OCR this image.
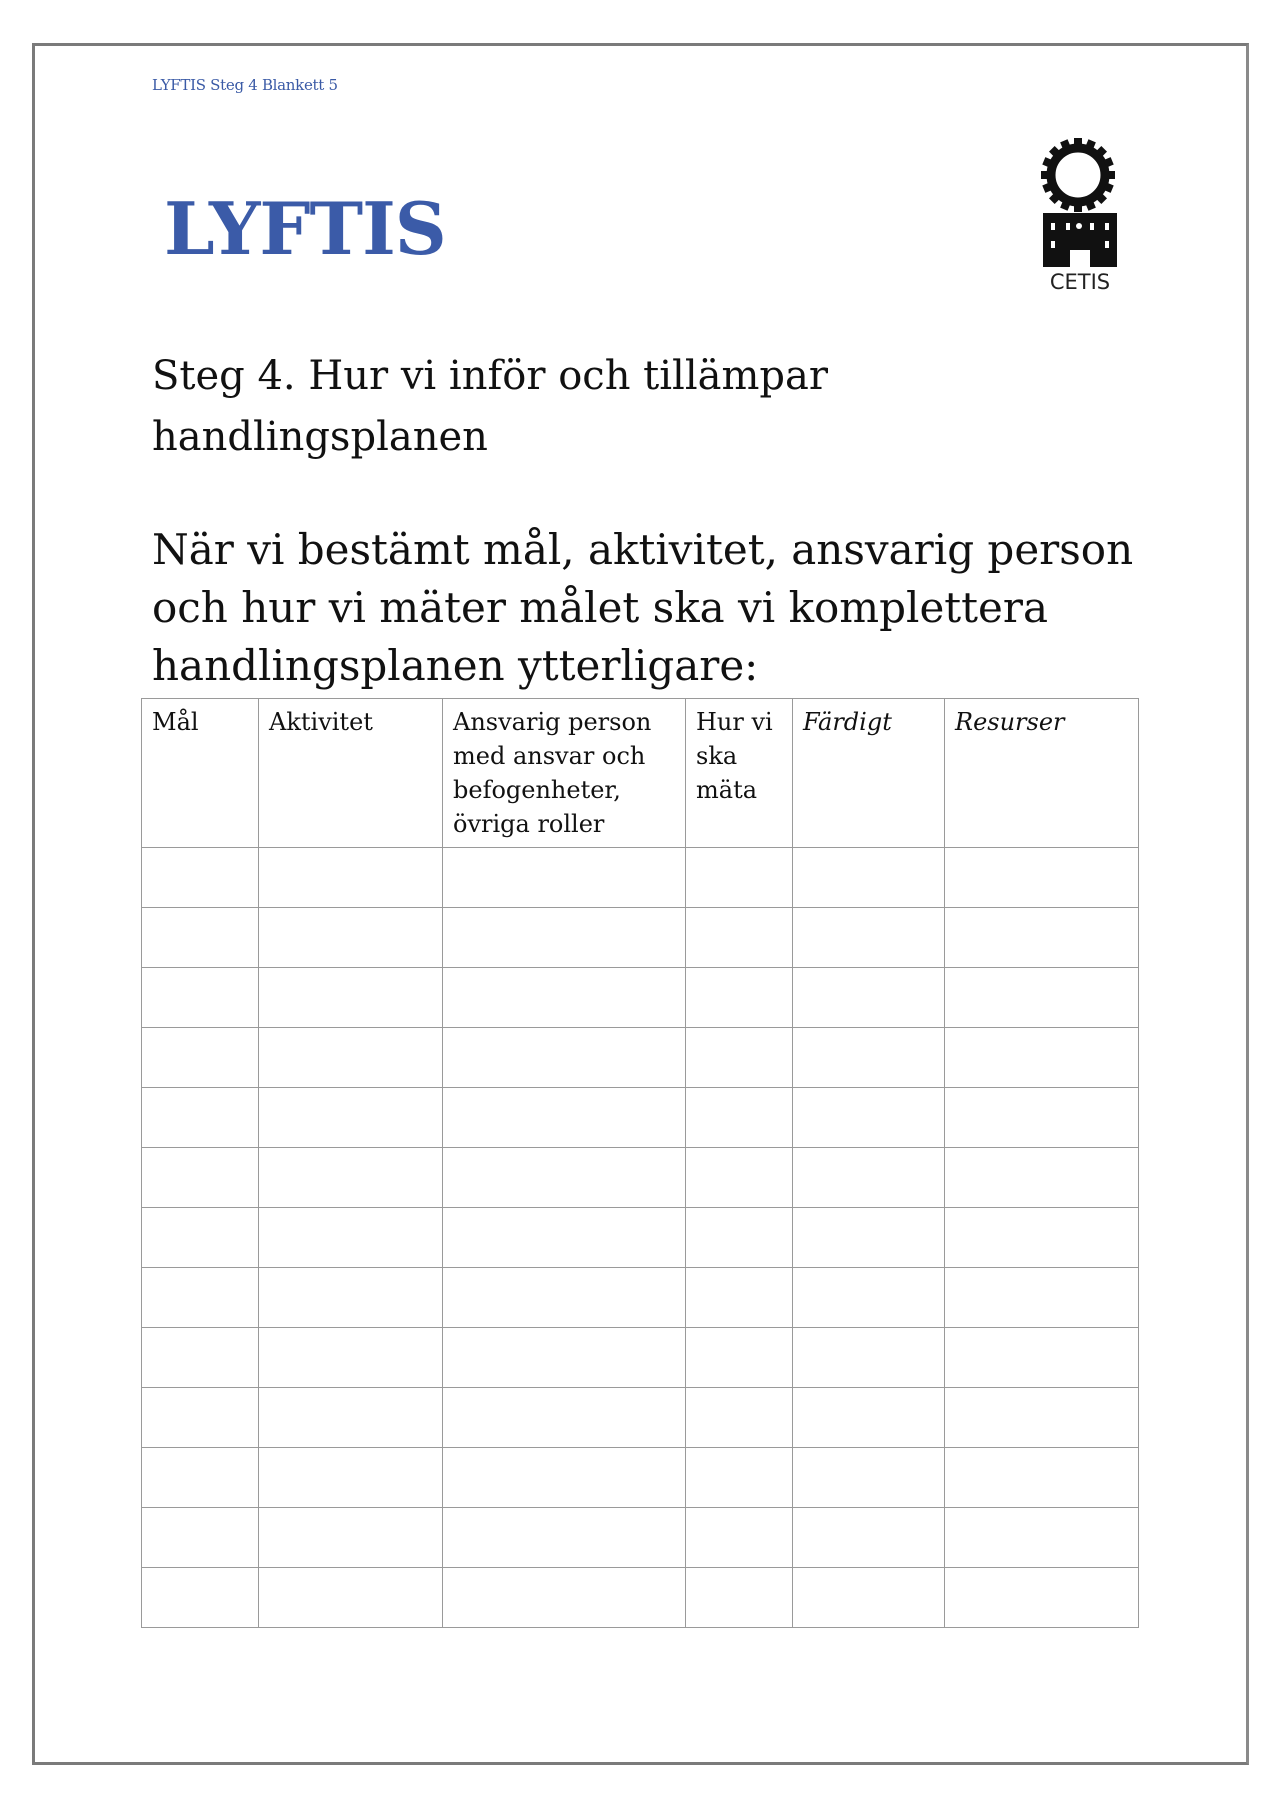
LYFTIS Steg 4 Blankett 5
LYFTIS
CETIS
Steg 4. Hur vi inför och tillämpar handlingsplanen
När vi bestämt mål, aktivitet, ansvarig person och hur vi mäter målet ska vi komplettera handlingsplanen ytterligare:
Mål	Aktivitet	Ansvarig person med ansvar och befogenheter, övriga roller	Hur vi ska mäta	Färdigt	Resurser
